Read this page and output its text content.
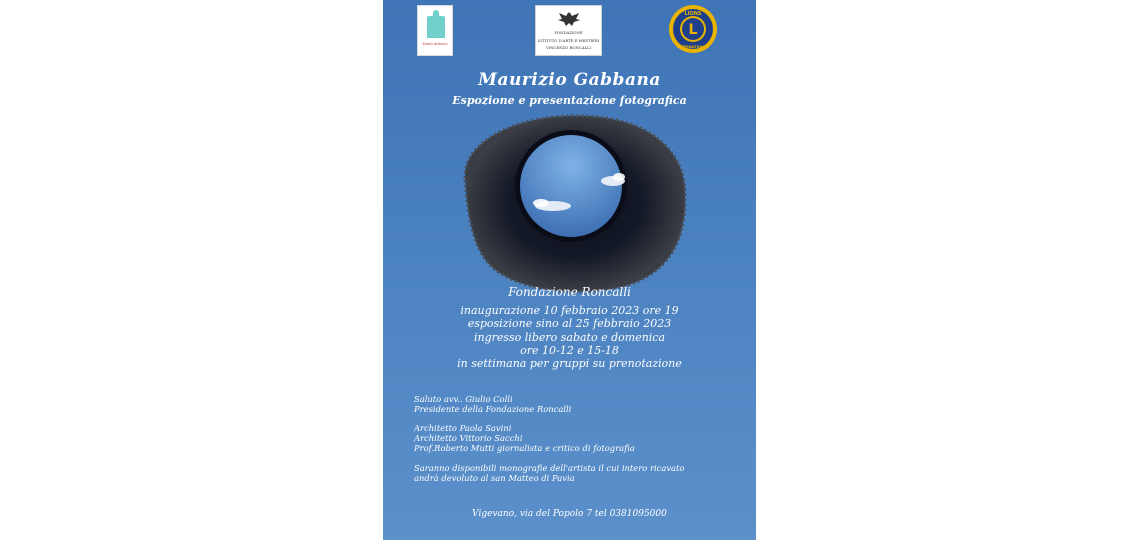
Santo Antonio
FONDAZIONE
ISTITUTO D'ARTE E MESTIERI
VINCENZO RONCALLI
L
LIONS
INTERNATIONAL
Maurizio Gabbana
Espozione e presentazione fotografica
Fondazione Roncalli
inaugurazione 10 febbraio 2023 ore 19
esposizione sino al 25 febbraio 2023
ingresso libero sabato e domenica
ore 10-12 e 15-18
in settimana per gruppi su prenotazione
Saluto avv.. Giulio Colli
Presidente della Fondazione Roncalli
Architetto Paola Savini
Architetto Vittorio Sacchi
Prof.Roberto Mutti giornalista e critico di fotografia
Saranno disponibili monografie dell'artista il cui intero ricavato
andrà devoluto al san Matteo di Pavia
Vigevano, via del Popolo 7 tel 0381095000
